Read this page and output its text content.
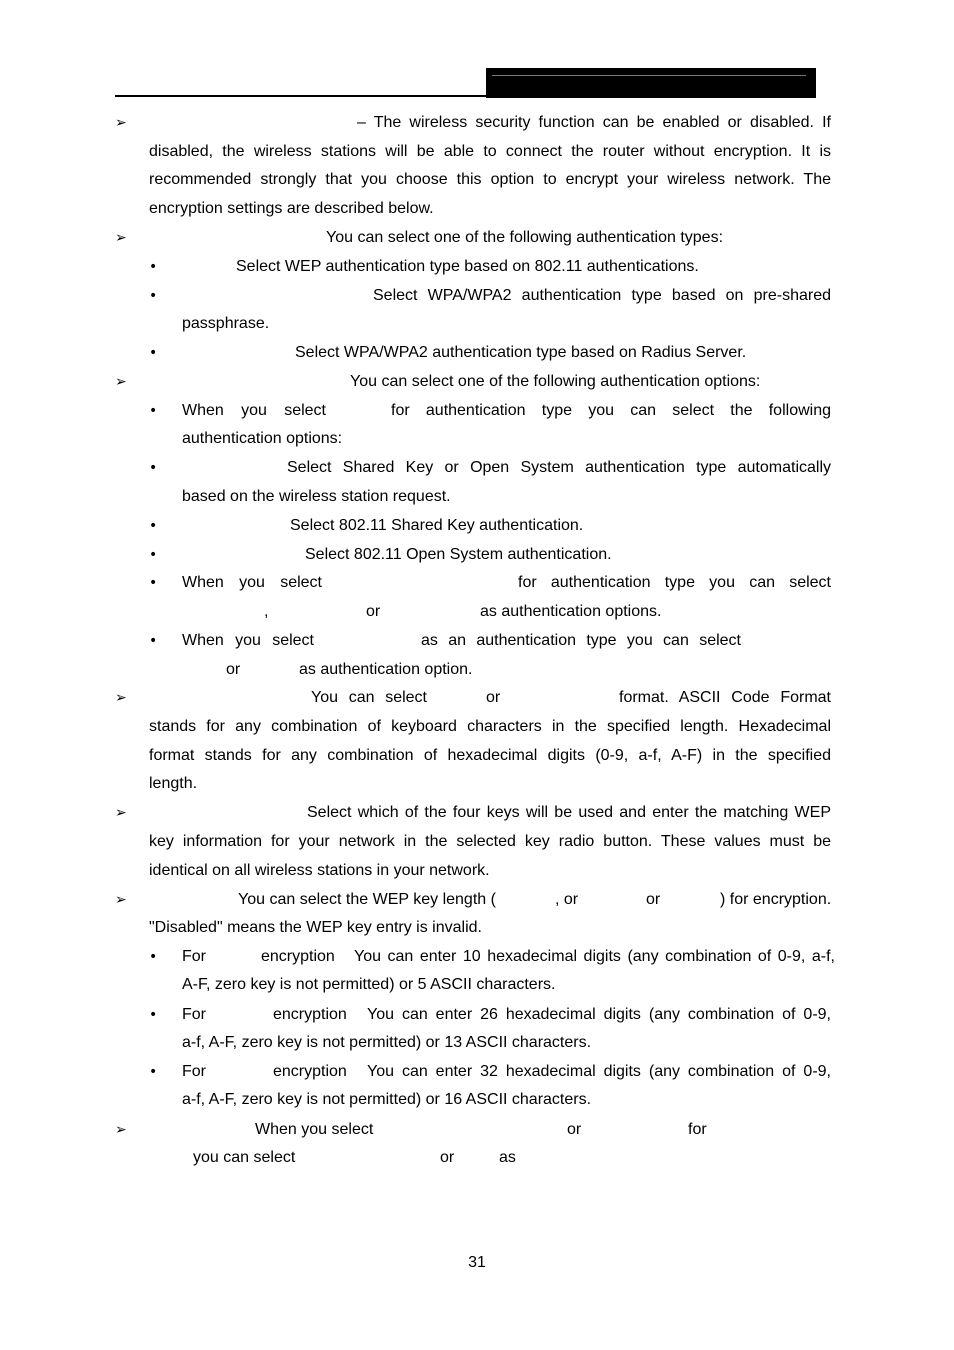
➢	– The wireless security function can be enabled or disabled. If
disabled, the wireless stations will be able to connect the router without encryption. It is
recommended strongly that you choose this option to encrypt your wireless network. The
encryption settings are described below.
➢	You can select one of the following authentication types:
•	Select WEP authentication type based on 802.11 authentications.
•	Select WPA/WPA2 authentication type based on pre-shared
passphrase.
•	Select WPA/WPA2 authentication type based on Radius Server.
➢	You can select one of the following authentication options:
• When you select	for authentication type you can select the following
authentication options:
•	Select Shared Key or Open System authentication type automatically
based on the wireless station request.
•	Select 802.11 Shared Key authentication.
•	Select 802.11 Open System authentication.
• When you select	for authentication type you can select
,	or	as authentication options.
• When you select	as an authentication type you can select
or	as authentication option.
➢	You can select	or	format. ASCII Code Format
stands for any combination of keyboard characters in the specified length. Hexadecimal
format stands for any combination of hexadecimal digits (0-9, a-f, A-F) in the specified
length.
➢	Select which of the four keys will be used and enter the matching WEP
key information for your network in the selected key radio button. These values must be
identical on all wireless stations in your network.
➢	You can select the WEP key length (	, or	or	) for encryption.
"Disabled" means the WEP key entry is invalid.
• For	encryption You can enter 10 hexadecimal digits (any combination of 0-9, a-f,
A-F, zero key is not permitted) or 5 ASCII characters.
• For	encryption You can enter 26 hexadecimal digits (any combination of 0-9,
a-f, A-F, zero key is not permitted) or 13 ASCII characters.
• For	encryption You can enter 32 hexadecimal digits (any combination of 0-9,
a-f, A-F, zero key is not permitted) or 16 ASCII characters.
➢	When you select	or	for
you can select	or	as
31
